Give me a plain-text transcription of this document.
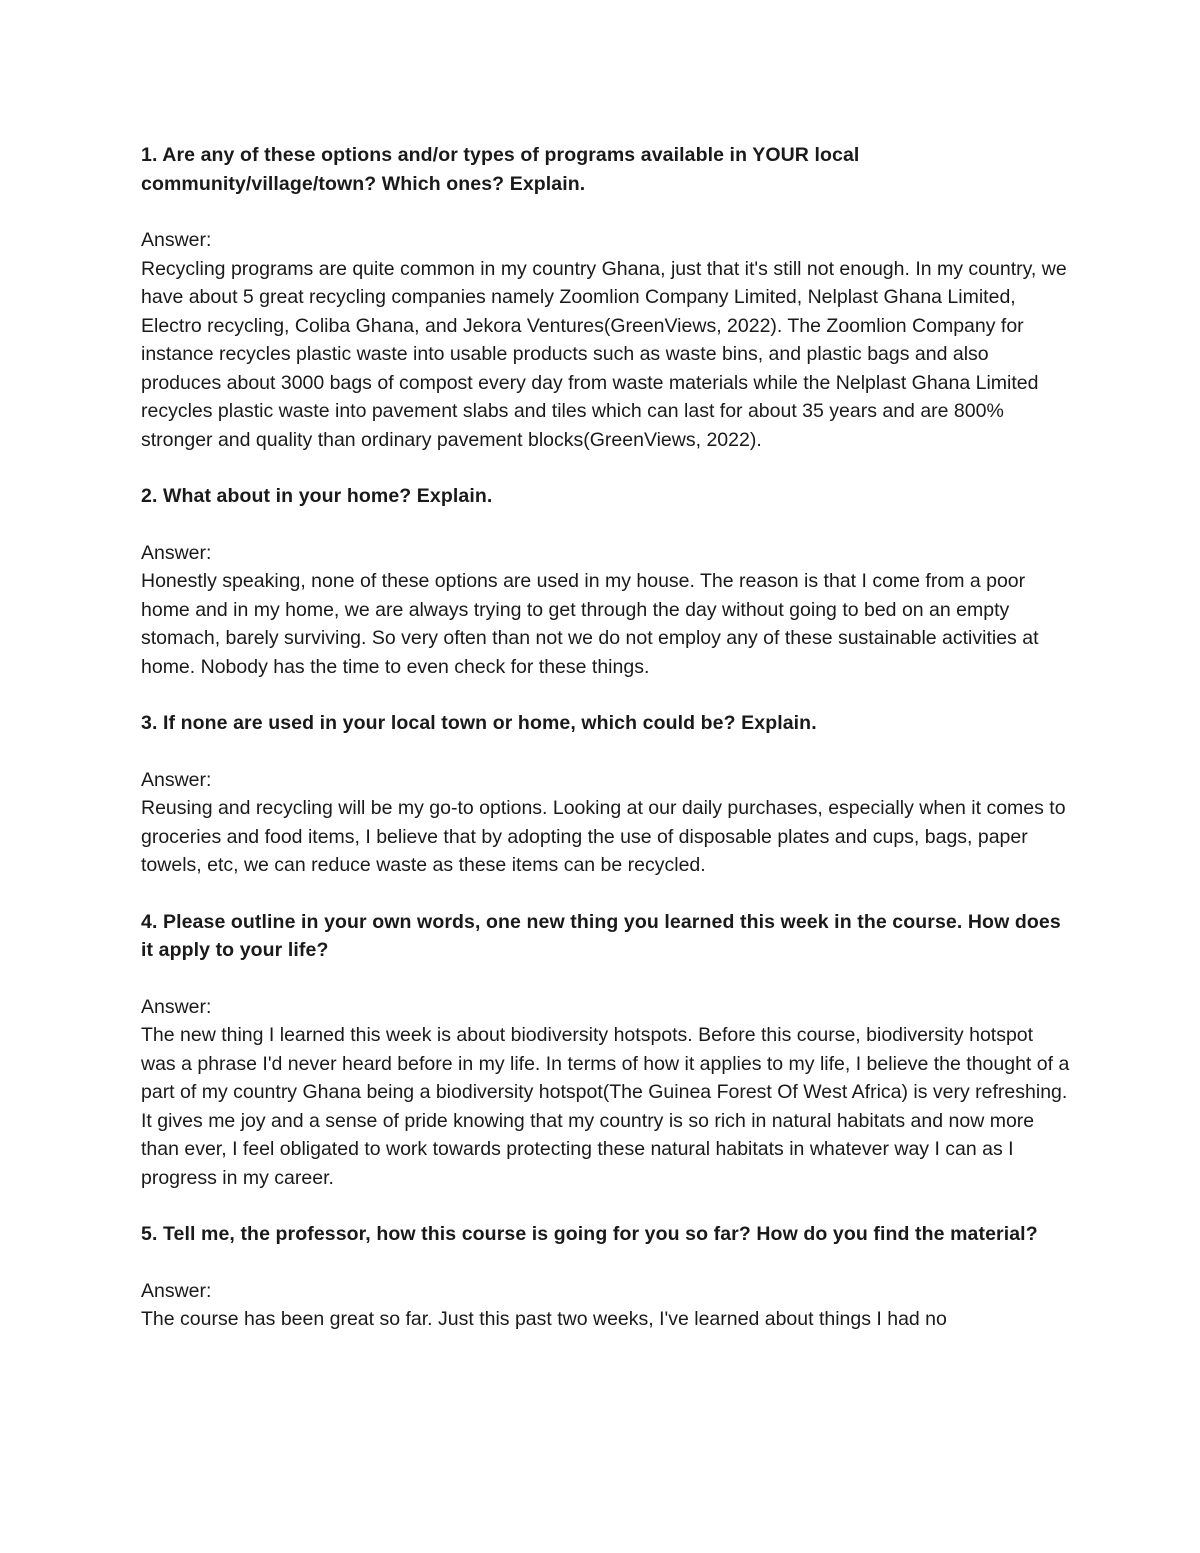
1. Are any of these options and/or types of programs available in YOUR local community/village/town? Which ones? Explain.

Answer:

Recycling programs are quite common in my country Ghana, just that it's still not enough. In my country, we have about 5 great recycling companies namely Zoomlion Company Limited, Nelplast Ghana Limited, Electro recycling, Coliba Ghana, and Jekora Ventures(GreenViews, 2022). The Zoomlion Company for instance recycles plastic waste into usable products such as waste bins, and plastic bags and also produces about 3000 bags of compost every day from waste materials while the Nelplast Ghana Limited recycles plastic waste into pavement slabs and tiles which can last for about 35 years and are 800% stronger and quality than ordinary pavement blocks(GreenViews, 2022).

2. What about in your home? Explain.

Answer:

Honestly speaking, none of these options are used in my house. The reason is that I come from a poor home and in my home, we are always trying to get through the day without going to bed on an empty stomach, barely surviving. So very often than not we do not employ any of these sustainable activities at home. Nobody has the time to even check for these things.

3. If none are used in your local town or home, which could be? Explain.

Answer:

Reusing and recycling will be my go-to options. Looking at our daily purchases, especially when it comes to groceries and food items, I believe that by adopting the use of disposable plates and cups, bags, paper towels, etc, we can reduce waste as these items can be recycled.

4. Please outline in your own words, one new thing you learned this week in the course. How does it apply to your life?

Answer:

The new thing I learned this week is about biodiversity hotspots. Before this course, biodiversity hotspot was a phrase I'd never heard before in my life. In terms of how it applies to my life, I believe the thought of a part of my country Ghana being a biodiversity hotspot(The Guinea Forest Of West Africa) is very refreshing. It gives me joy and a sense of pride knowing that my country is so rich in natural habitats and now more than ever, I feel obligated to work towards protecting these natural habitats in whatever way I can as I progress in my career.

5. Tell me, the professor, how this course is going for you so far? How do you find the material?

Answer:

The course has been great so far. Just this past two weeks, I've learned about things I had no
